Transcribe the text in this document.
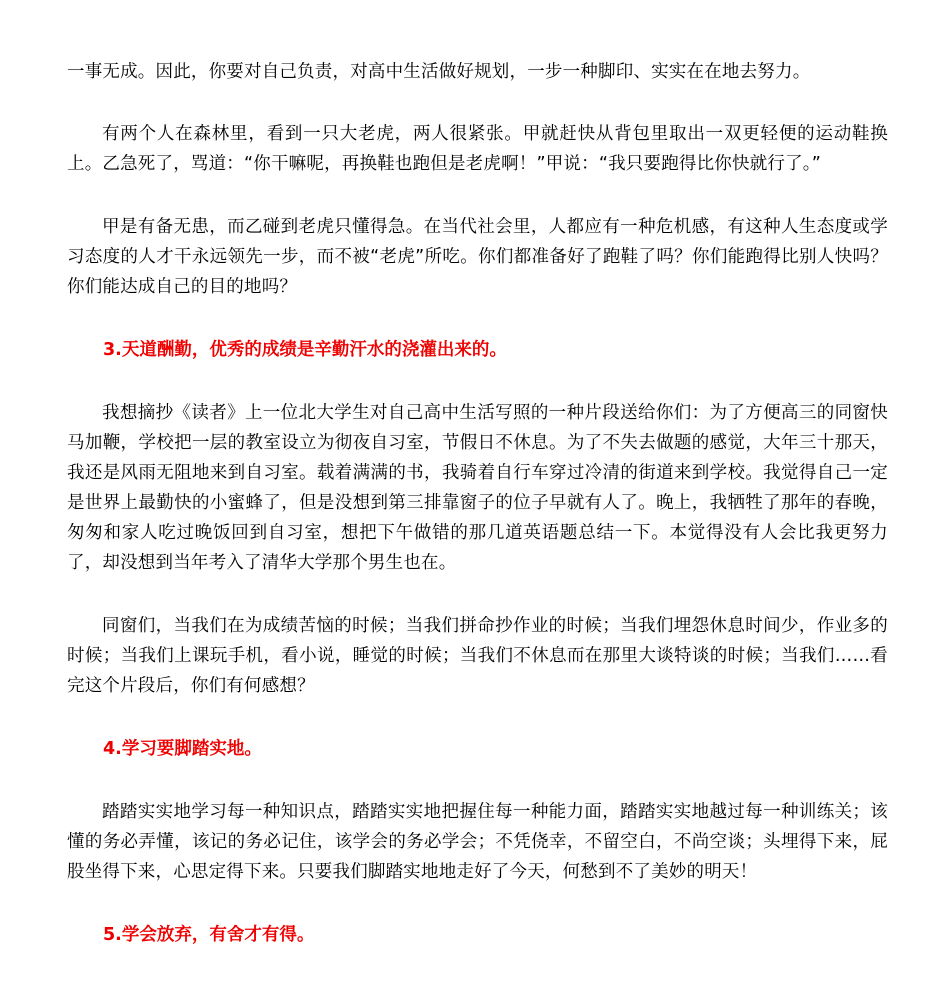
一事无成。因此，你要对自己负责，对高中生活做好规划，一步一种脚印、实实在在地去努力。

有两个人在森林里，看到一只大老虎，两人很紧张。甲就赶快从背包里取出一双更轻便的运动鞋换上。乙急死了，骂道：“你干嘛呢，再换鞋也跑但是老虎啊！”甲说：“我只要跑得比你快就行了。”

甲是有备无患，而乙碰到老虎只懂得急。在当代社会里，人都应有一种危机感，有这种人生态度或学习态度的人才干永远领先一步，而不被“老虎”所吃。你们都准备好了跑鞋了吗？你们能跑得比别人快吗？你们能达成自己的目的地吗？

3.天道酬勤，优秀的成绩是辛勤汗水的浇灌出来的。

我想摘抄《读者》上一位北大学生对自己高中生活写照的一种片段送给你们：为了方便高三的同窗快马加鞭，学校把一层的教室设立为彻夜自习室，节假日不休息。为了不失去做题的感觉，大年三十那天，我还是风雨无阻地来到自习室。载着满满的书，我骑着自行车穿过冷清的街道来到学校。我觉得自己一定是世界上最勤快的小蜜蜂了，但是没想到第三排靠窗子的位子早就有人了。晚上，我牺牲了那年的春晚，匆匆和家人吃过晚饭回到自习室，想把下午做错的那几道英语题总结一下。本觉得没有人会比我更努力了，却没想到当年考入了清华大学那个男生也在。

同窗们，当我们在为成绩苦恼的时候；当我们拼命抄作业的时候；当我们埋怨休息时间少，作业多的时候；当我们上课玩手机，看小说，睡觉的时候；当我们不休息而在那里大谈特谈的时候；当我们……看完这个片段后，你们有何感想？

4.学习要脚踏实地。

踏踏实实地学习每一种知识点，踏踏实实地把握住每一种能力面，踏踏实实地越过每一种训练关；该懂的务必弄懂，该记的务必记住，该学会的务必学会；不凭侥幸，不留空白，不尚空谈；头埋得下来，屁股坐得下来，心思定得下来。只要我们脚踏实地地走好了今天，何愁到不了美妙的明天！

5.学会放弃，有舍才有得。
